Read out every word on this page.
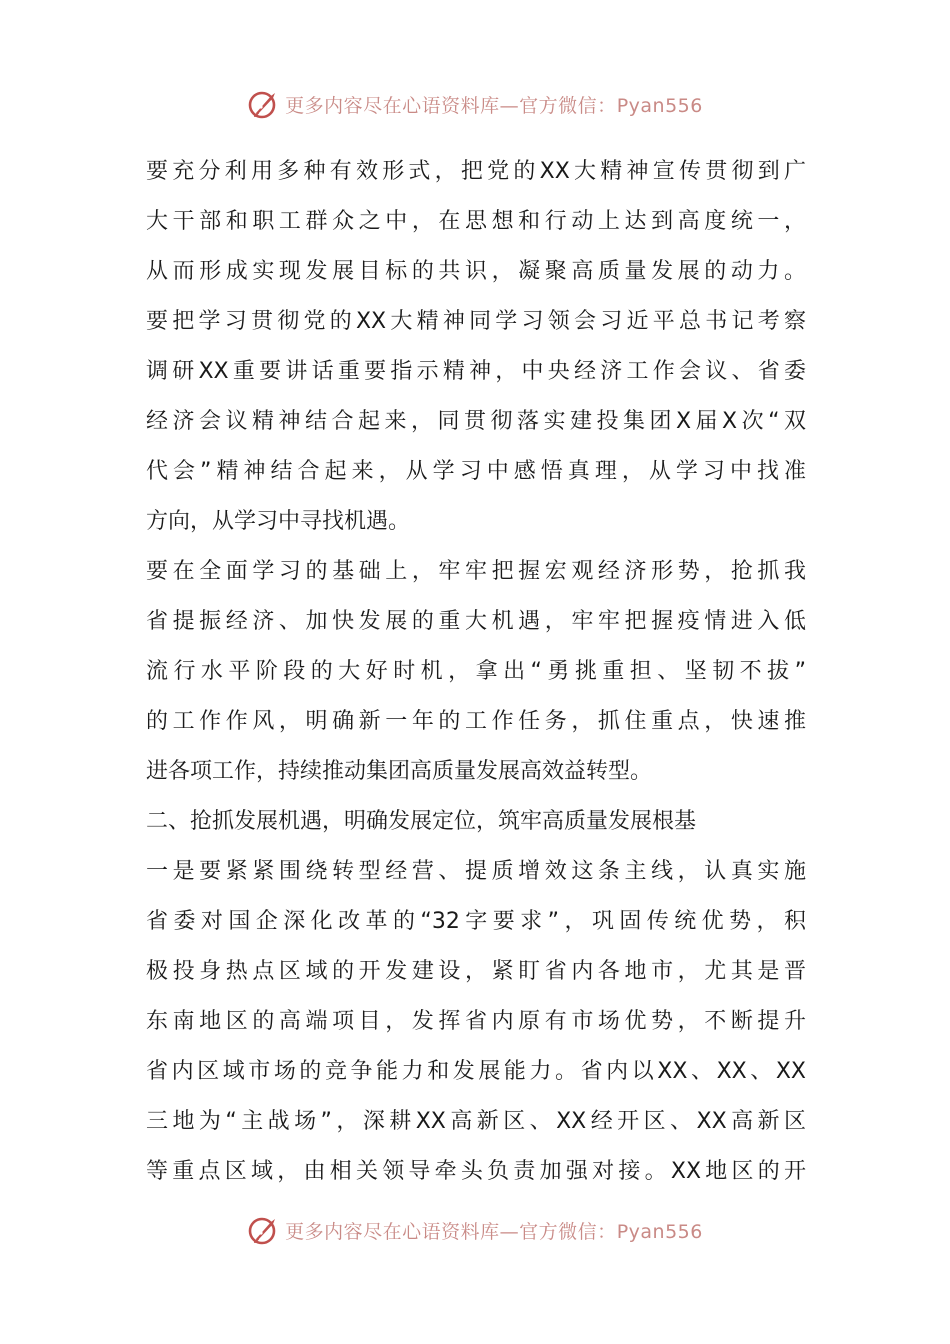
更多内容尽在心语资料库—官方微信：Pyan556
要充分利用多种有效形式，把党的XX大精神宣传贯彻到广
大干部和职工群众之中，在思想和行动上达到高度统一，
从而形成实现发展目标的共识，凝聚高质量发展的动力。
要把学习贯彻党的XX大精神同学习领会习近平总书记考察
调研XX重要讲话重要指示精神，中央经济工作会议、省委
经济会议精神结合起来，同贯彻落实建投集团X届X次“双
代会”精神结合起来，从学习中感悟真理，从学习中找准
方向，从学习中寻找机遇。
要在全面学习的基础上，牢牢把握宏观经济形势，抢抓我
省提振经济、加快发展的重大机遇，牢牢把握疫情进入低
流行水平阶段的大好时机，拿出“勇挑重担、坚韧不拔”
的工作作风，明确新一年的工作任务，抓住重点，快速推
进各项工作，持续推动集团高质量发展高效益转型。
二、抢抓发展机遇，明确发展定位，筑牢高质量发展根基
一是要紧紧围绕转型经营、提质增效这条主线，认真实施
省委对国企深化改革的“32字要求”，巩固传统优势，积
极投身热点区域的开发建设，紧盯省内各地市，尤其是晋
东南地区的高端项目，发挥省内原有市场优势，不断提升
省内区域市场的竞争能力和发展能力。省内以XX、XX、XX
三地为“主战场”，深耕XX高新区、XX经开区、XX高新区
等重点区域，由相关领导牵头负责加强对接。XX地区的开
更多内容尽在心语资料库—官方微信：Pyan556
